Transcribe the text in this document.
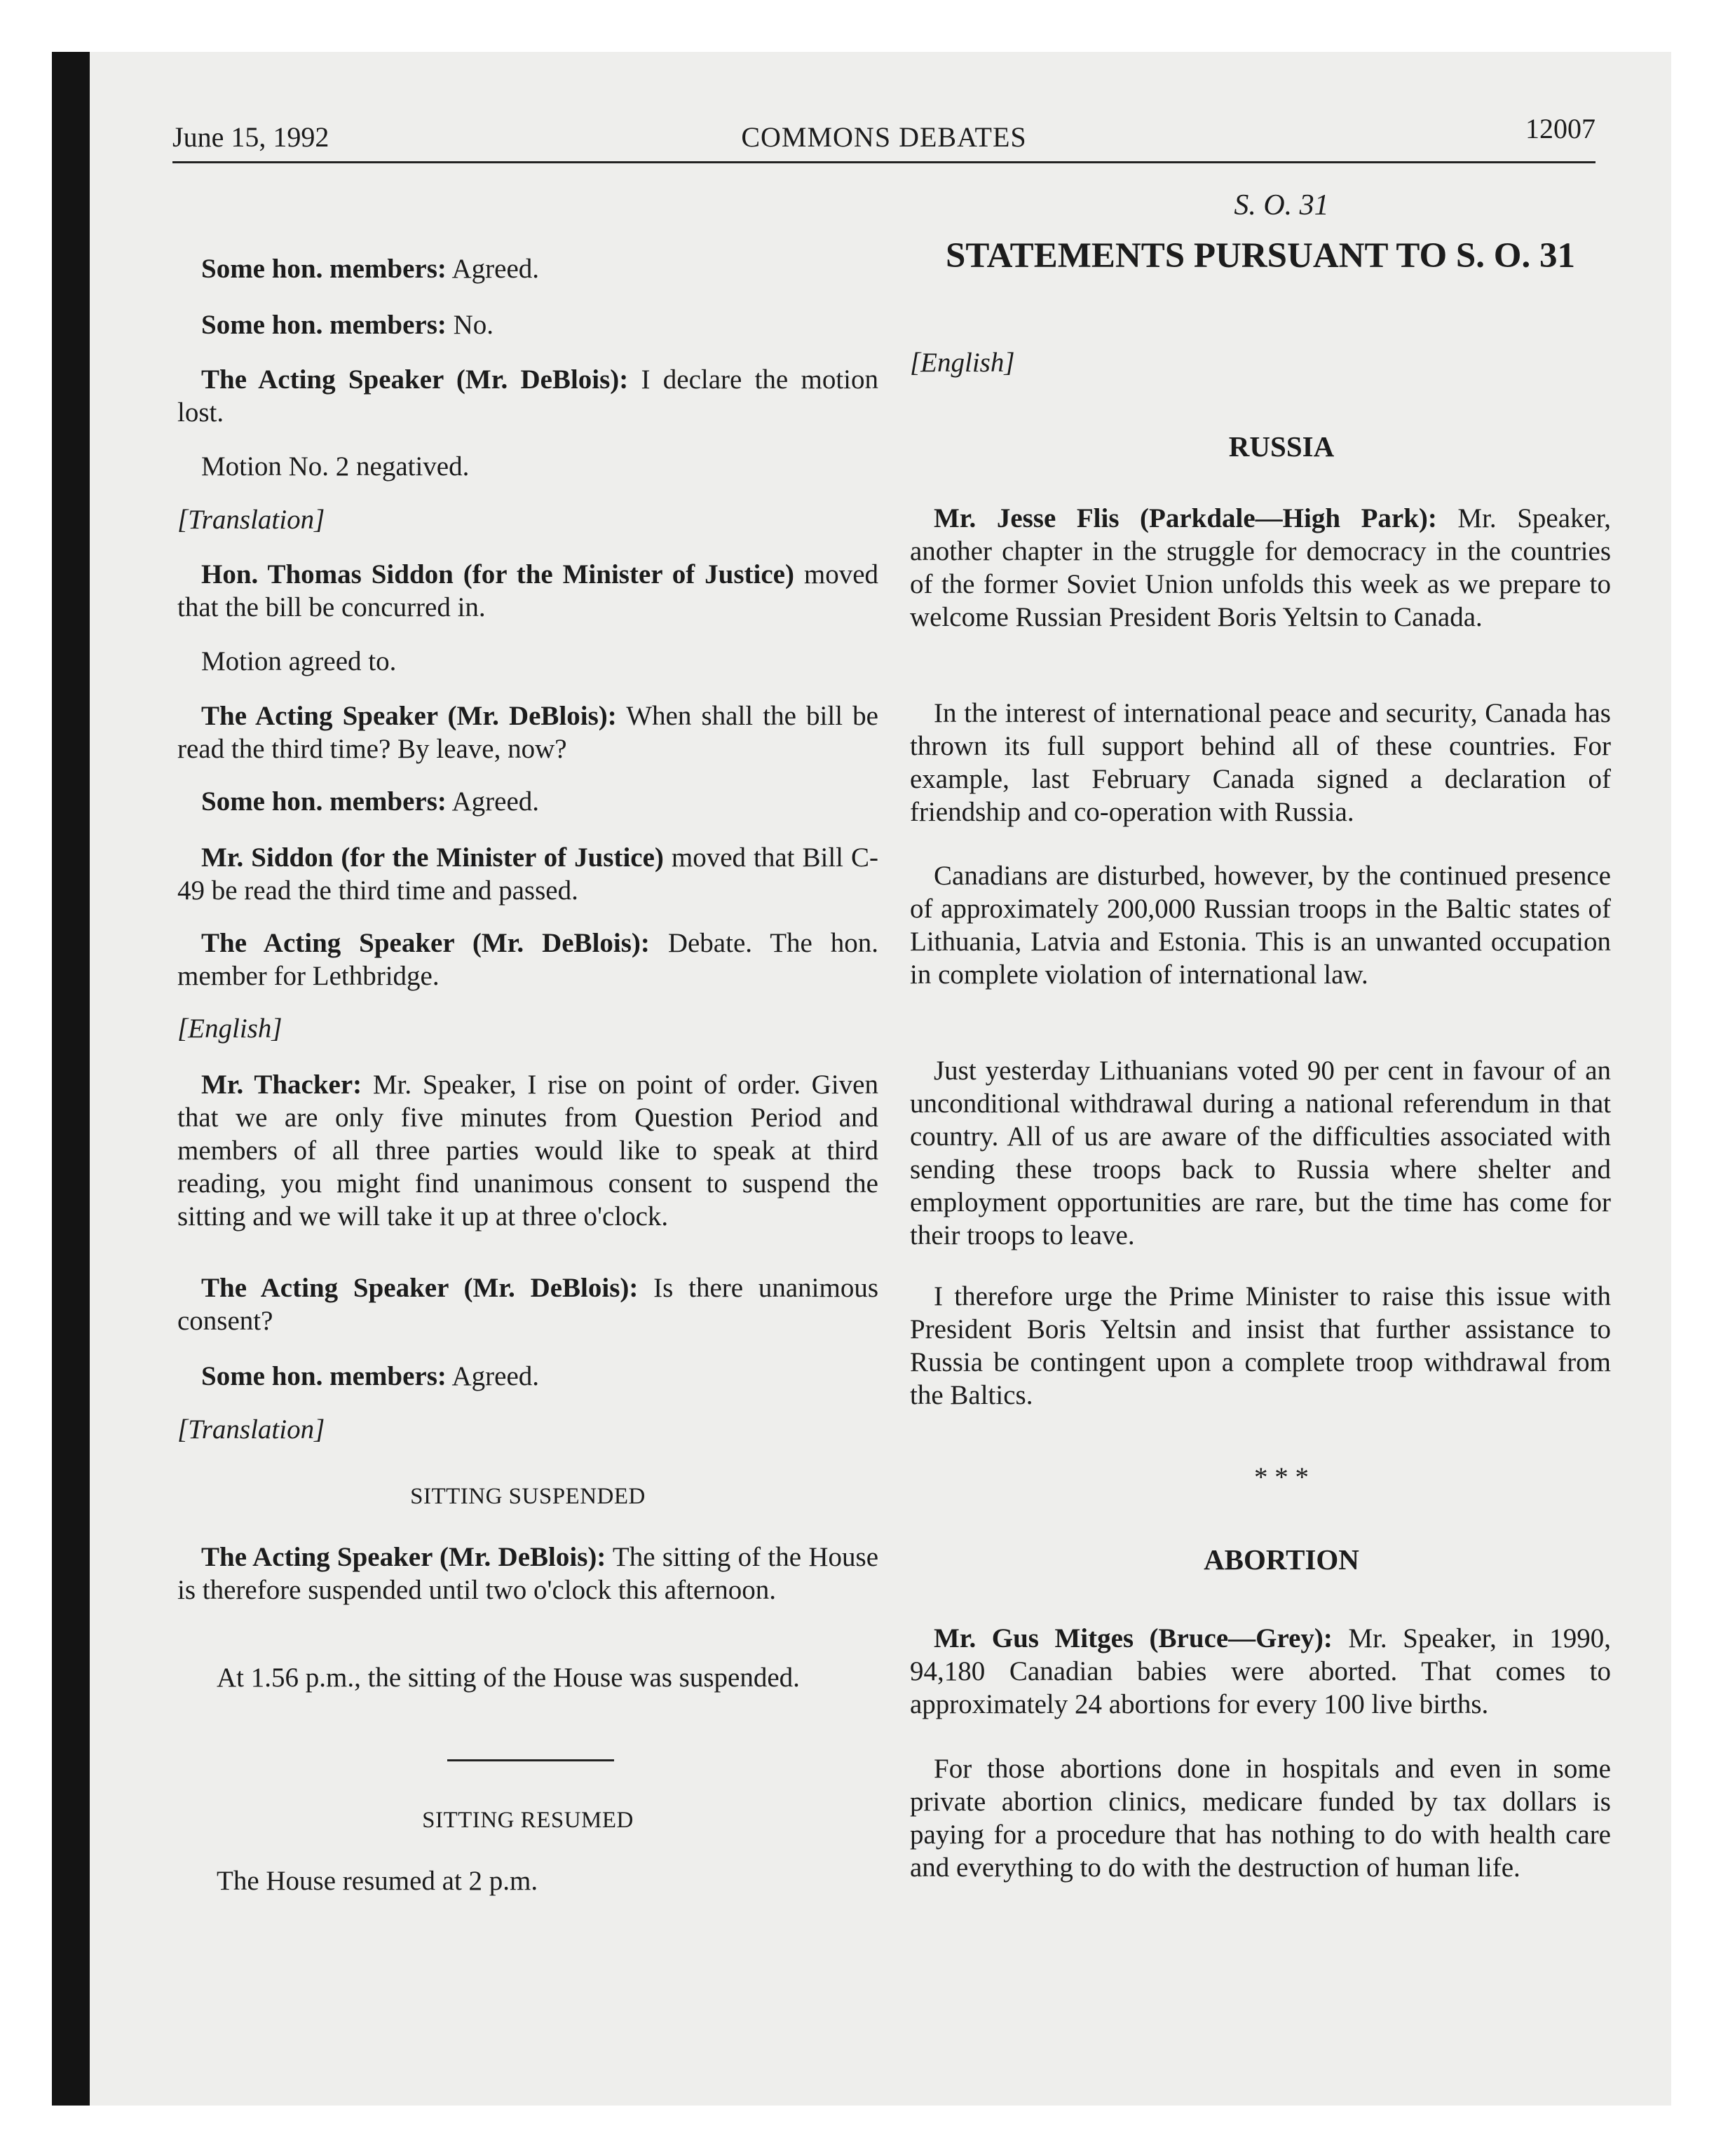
June 15, 1992	COMMONS DEBATES	12007

Some hon. members: Agreed.

Some hon. members: No.

The Acting Speaker (Mr. DeBlois): I declare the motion lost.

Motion No. 2 negatived.

[Translation]

Hon. Thomas Siddon (for the Minister of Justice) moved that the bill be concurred in.

Motion agreed to.

The Acting Speaker (Mr. DeBlois): When shall the bill be read the third time? By leave, now?

Some hon. members: Agreed.

Mr. Siddon (for the Minister of Justice) moved that Bill C-49 be read the third time and passed.

The Acting Speaker (Mr. DeBlois): Debate. The hon. member for Lethbridge.

[English]

Mr. Thacker: Mr. Speaker, I rise on point of order. Given that we are only five minutes from Question Period and members of all three parties would like to speak at third reading, you might find unanimous consent to suspend the sitting and we will take it up at three o'clock.

The Acting Speaker (Mr. DeBlois): Is there unanimous consent?

Some hon. members: Agreed.

[Translation]

SITTING SUSPENDED

The Acting Speaker (Mr. DeBlois): The sitting of the House is therefore suspended until two o'clock this afternoon.

At 1.56 p.m., the sitting of the House was suspended.

SITTING RESUMED

The House resumed at 2 p.m.

S. O. 31

STATEMENTS PURSUANT TO S. O. 31

[English]

RUSSIA

Mr. Jesse Flis (Parkdale—High Park): Mr. Speaker, another chapter in the struggle for democracy in the countries of the former Soviet Union unfolds this week as we prepare to welcome Russian President Boris Yeltsin to Canada.

In the interest of international peace and security, Canada has thrown its full support behind all of these countries. For example, last February Canada signed a declaration of friendship and co-operation with Russia.

Canadians are disturbed, however, by the continued presence of approximately 200,000 Russian troops in the Baltic states of Lithuania, Latvia and Estonia. This is an unwanted occupation in complete violation of international law.

Just yesterday Lithuanians voted 90 per cent in favour of an unconditional withdrawal during a national referendum in that country. All of us are aware of the difficulties associated with sending these troops back to Russia where shelter and employment opportunities are rare, but the time has come for their troops to leave.

I therefore urge the Prime Minister to raise this issue with President Boris Yeltsin and insist that further assistance to Russia be contingent upon a complete troop withdrawal from the Baltics.

* * *

ABORTION

Mr. Gus Mitges (Bruce—Grey): Mr. Speaker, in 1990, 94,180 Canadian babies were aborted. That comes to approximately 24 abortions for every 100 live births.

For those abortions done in hospitals and even in some private abortion clinics, medicare funded by tax dollars is paying for a procedure that has nothing to do with health care and everything to do with the destruction of human life.
